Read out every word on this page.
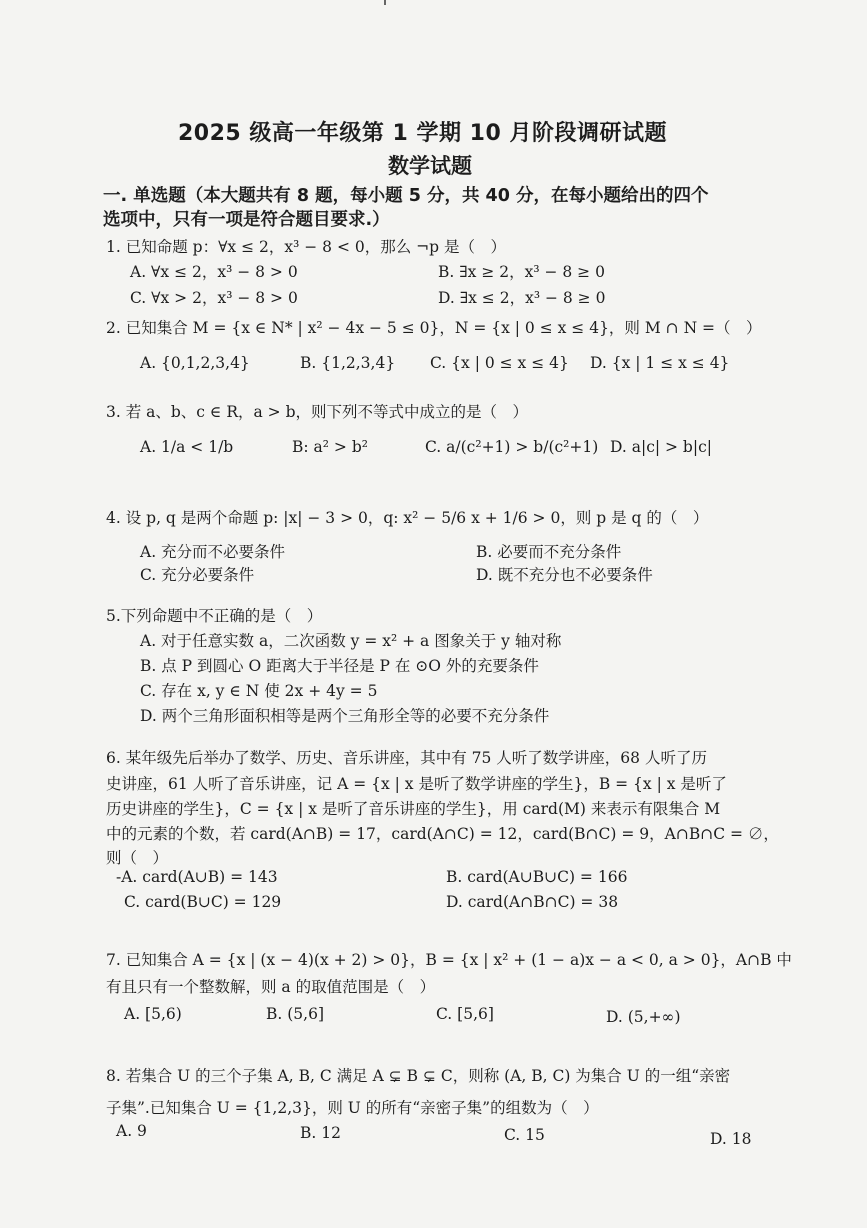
2025 级高一年级第 1 学期 10 月阶段调研试题
数学试题
一. 单选题（本大题共有 8 题，每小题 5 分，共 40 分，在每小题给出的四个
选项中，只有一项是符合题目要求.）
1. 已知命题 p：∀x ≤ 2，x³ − 8 < 0，那么 ¬p 是（　）
A. ∀x ≤ 2，x³ − 8 > 0	B. ∃x ≥ 2，x³ − 8 ≥ 0
C. ∀x > 2，x³ − 8 > 0	D. ∃x ≤ 2，x³ − 8 ≥ 0
2. 已知集合 M = {x ∈ N* | x² − 4x − 5 ≤ 0}，N = {x | 0 ≤ x ≤ 4}，则 M ∩ N =（　）
A. {0,1,2,3,4}	B. {1,2,3,4} C. {x | 0 ≤ x ≤ 4} D. {x | 1 ≤ x ≤ 4}
3. 若 a、b、c ∈ R，a > b，则下列不等式中成立的是（　）
A. 1/a < 1/b	B: a² > b²	C. a/(c²+1) > b/(c²+1) D. a|c| > b|c|
4. 设 p, q 是两个命题 p: |x| − 3 > 0，q: x² − 5/6 x + 1/6 > 0，则 p 是 q 的（　）
A. 充分而不必要条件	B. 必要而不充分条件
C. 充分必要条件	D. 既不充分也不必要条件
5.下列命题中不正确的是（　）
A. 对于任意实数 a，二次函数 y = x² + a 图象关于 y 轴对称
B. 点 P 到圆心 O 距离大于半径是 P 在 ⊙O 外的充要条件
C. 存在 x, y ∈ N 使 2x + 4y = 5
D. 两个三角形面积相等是两个三角形全等的必要不充分条件
6. 某年级先后举办了数学、历史、音乐讲座，其中有 75 人听了数学讲座，68 人听了历
史讲座，61 人听了音乐讲座，记 A = {x | x 是听了数学讲座的学生}，B = {x | x 是听了
历史讲座的学生}，C = {x | x 是听了音乐讲座的学生}，用 card(M) 来表示有限集合 M
中的元素的个数，若 card(A∩B) = 17，card(A∩C) = 12，card(B∩C) = 9，A∩B∩C = ∅，
则（　）
-A. card(A∪B) = 143	B. card(A∪B∪C) = 166
C. card(B∪C) = 129	D. card(A∩B∩C) = 38
7. 已知集合 A = {x | (x − 4)(x + 2) > 0}，B = {x | x² + (1 − a)x − a < 0, a > 0}，A∩B 中
有且只有一个整数解，则 a 的取值范围是（　）
A. [5,6)	B. (5,6]	C. [5,6]	D. (5,+∞)
8. 若集合 U 的三个子集 A, B, C 满足 A ⊊ B ⊊ C，则称 (A, B, C) 为集合 U 的一组“亲密
子集”.已知集合 U = {1,2,3}，则 U 的所有“亲密子集”的组数为（　）
A. 9	B. 12	C. 15	D. 18
